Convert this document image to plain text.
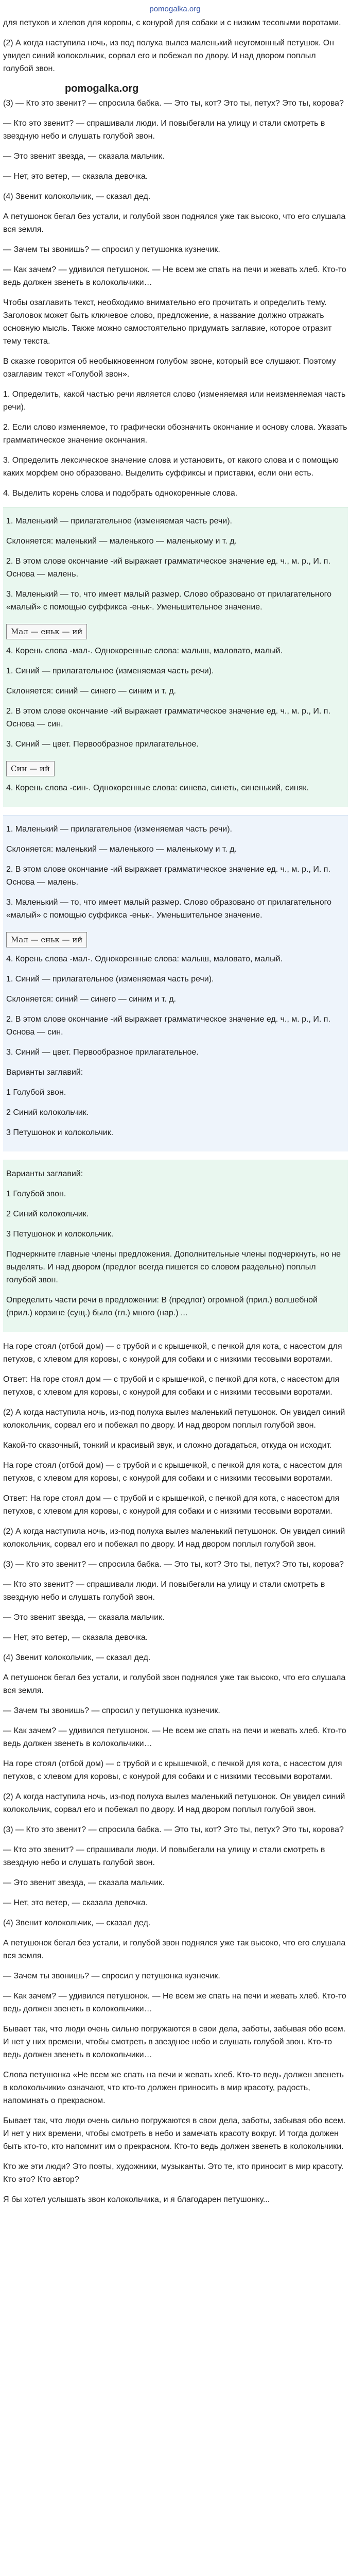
pomogalka.org

для петухов и хлевов для коровы, с конурой для собаки и с низким тесовыми воротами.

(2) А когда наступила ночь, из под полуха вылез маленький неугомонный петушок. Он увидел синий колокольчик, сорвал его и побежал по двору. И над двором поплыл голубой звон.

pomogalka.org

(3) — Кто это звенит? — спросила бабка. — Это ты, кот? Это ты, петух? Это ты, корова?

— Кто это звенит? — спрашивали люди. И повыбегали на улицу и стали смотреть в звездную небо и слушать голубой звон.

— Это звенит звезда, — сказала мальчик.

— Нет, это ветер, — сказала девочка.

(4) Звенит колокольчик, — сказал дед.

А петушонок бегал без устали, и голубой звон поднялся уже так высоко, что его слушала вся земля.

— Зачем ты звонишь? — спросил у петушонка кузнечик.

— Как зачем? — удивился петушонок. — Не всем же спать на печи и жевать хлеб. Кто-то ведь должен звенеть в колокольчики…

Чтобы озаглавить текст, необходимо внимательно его прочитать и определить тему. Заголовок может быть ключевое слово, предложение, а название должно отражать основную мысль. Также можно самостоятельно придумать заглавие, которое отразит тему текста.

В сказке говорится об необыкновенном голубом звоне, который все слушают. Поэтому озаглавим текст «Голубой звон».

1. Определить, какой частью речи является слово (изменяемая или неизменяемая часть речи).

2. Если слово изменяемое, то графически обозначить окончание и основу слова. Указать грамматическое значение окончания.

3. Определить лексическое значение слова и установить, от какого слова и с помощью каких морфем оно образовано. Выделить суффиксы и приставки, если они есть.

4. Выделить корень слова и подобрать однокоренные слова.

1. Маленький — прилагательное (изменяемая часть речи).

Склоняется: маленький — маленького — маленькому и т. д.

2. В этом слове окончание -ий выражает грамматическое значение ед. ч., м. р., И. п. Основа — малень.

3. Маленький — то, что имеет малый размер. Слово образовано от прилагательного «малый» с помощью суффикса -еньк-. Уменьшительное значение.

Мал — еньк — ий

4. Корень слова -мал-. Однокоренные слова: малыш, маловато, малый.

1. Синий — прилагательное (изменяемая часть речи).

Склоняется: синий — синего — синим и т. д.

2. В этом слове окончание -ий выражает грамматическое значение ед. ч., м. р., И. п. Основа — син.

3. Синий — цвет. Первообразное прилагательное.

Син — ий

4. Корень слова -син-. Однокоренные слова: синева, синеть, синенький, синяк.

1. Маленький — прилагательное (изменяемая часть речи).

Склоняется: маленький — маленького — маленькому и т. д.

2. В этом слове окончание -ий выражает грамматическое значение ед. ч., м. р., И. п. Основа — малень.

3. Маленький — то, что имеет малый размер. Слово образовано от прилагательного «малый» с помощью суффикса -еньк-. Уменьшительное значение.

Мал — еньк — ий

4. Корень слова -мал-. Однокоренные слова: малыш, маловато, малый.

1. Синий — прилагательное (изменяемая часть речи).

Склоняется: синий — синего — синим и т. д.

2. В этом слове окончание -ий выражает грамматическое значение ед. ч., м. р., И. п. Основа — син.

3. Синий — цвет. Первообразное прилагательное.

Варианты заглавий:

1 Голубой звон.

2 Синий колокольчик.

3 Петушонок и колокольчик.

Варианты заглавий:

1 Голубой звон.

2 Синий колокольчик.

3 Петушонок и колокольчик.

Подчеркните главные члены предложения. Дополнительные члены подчеркнуть, но не выделять. И над двором (предлог всегда пишется со словом раздельно) поплыл голубой звон.

Определить части речи в предложении: В (предлог) огромной (прил.) волшебной (прил.) корзине (сущ.) было (гл.) много (нар.) ...

На горе стоял (отбой дом) — с трубой и с крышечкой, с печкой для кота, с насестом для петухов, с хлевом для коровы, с конурой для собаки и с низкими тесовыми воротами.

Ответ: На горе стоял дом — с трубой и с крышечкой, с печкой для кота, с насестом для петухов, с хлевом для коровы, с конурой для собаки и с низкими тесовыми воротами.

(2) А когда наступила ночь, из-под полуха вылез маленький петушонок. Он увидел синий колокольчик, сорвал его и побежал по двору. И над двором поплыл голубой звон.

Какой-то сказочный, тонкий и красивый звук, и сложно догадаться, откуда он исходит.

На горе стоял (отбой дом) — с трубой и с крышечкой, с печкой для кота, с насестом для петухов, с хлевом для коровы, с конурой для собаки и с низкими тесовыми воротами.

Ответ: На горе стоял дом — с трубой и с крышечкой, с печкой для кота, с насестом для петухов, с хлевом для коровы, с конурой для собаки и с низкими тесовыми воротами.

(2) А когда наступила ночь, из-под полуха вылез маленький петушонок. Он увидел синий колокольчик, сорвал его и побежал по двору. И над двором поплыл голубой звон.

(3) — Кто это звенит? — спросила бабка. — Это ты, кот? Это ты, петух? Это ты, корова?

— Кто это звенит? — спрашивали люди. И повыбегали на улицу и стали смотреть в звездную небо и слушать голубой звон.

— Это звенит звезда, — сказала мальчик.

— Нет, это ветер, — сказала девочка.

(4) Звенит колокольчик, — сказал дед.

А петушонок бегал без устали, и голубой звон поднялся уже так высоко, что его слушала вся земля.

— Зачем ты звонишь? — спросил у петушонка кузнечик.

— Как зачем? — удивился петушонок. — Не всем же спать на печи и жевать хлеб. Кто-то ведь должен звенеть в колокольчики…

На горе стоял (отбой дом) — с трубой и с крышечкой, с печкой для кота, с насестом для петухов, с хлевом для коровы, с конурой для собаки и с низкими тесовыми воротами.

(2) А когда наступила ночь, из-под полуха вылез маленький петушонок. Он увидел синий колокольчик, сорвал его и побежал по двору. И над двором поплыл голубой звон.

(3) — Кто это звенит? — спросила бабка. — Это ты, кот? Это ты, петух? Это ты, корова?

— Кто это звенит? — спрашивали люди. И повыбегали на улицу и стали смотреть в звездную небо и слушать голубой звон.

— Это звенит звезда, — сказала мальчик.

— Нет, это ветер, — сказала девочка.

(4) Звенит колокольчик, — сказал дед.

А петушонок бегал без устали, и голубой звон поднялся уже так высоко, что его слушала вся земля.

— Зачем ты звонишь? — спросил у петушонка кузнечик.

— Как зачем? — удивился петушонок. — Не всем же спать на печи и жевать хлеб. Кто-то ведь должен звенеть в колокольчики…

Бывает так, что люди очень сильно погружаются в свои дела, заботы, забывая обо всем. И нет у них времени, чтобы смотреть в звездное небо и слушать голубой звон. Кто-то ведь должен звенеть в колокольчики…

Слова петушонка «Не всем же спать на печи и жевать хлеб. Кто-то ведь должен звенеть в колокольчики» означают, что кто-то должен приносить в мир красоту, радость, напоминать о прекрасном.

Бывает так, что люди очень сильно погружаются в свои дела, заботы, забывая обо всем. И нет у них времени, чтобы смотреть в небо и замечать красоту вокруг. И тогда должен быть кто-то, кто напомнит им о прекрасном. Кто-то ведь должен звенеть в колокольчики.

Кто же эти люди? Это поэты, художники, музыканты. Это те, кто приносит в мир красоту. Кто это? Кто автор?

Я бы хотел услышать звон колокольчика, и я благодарен петушонку...
